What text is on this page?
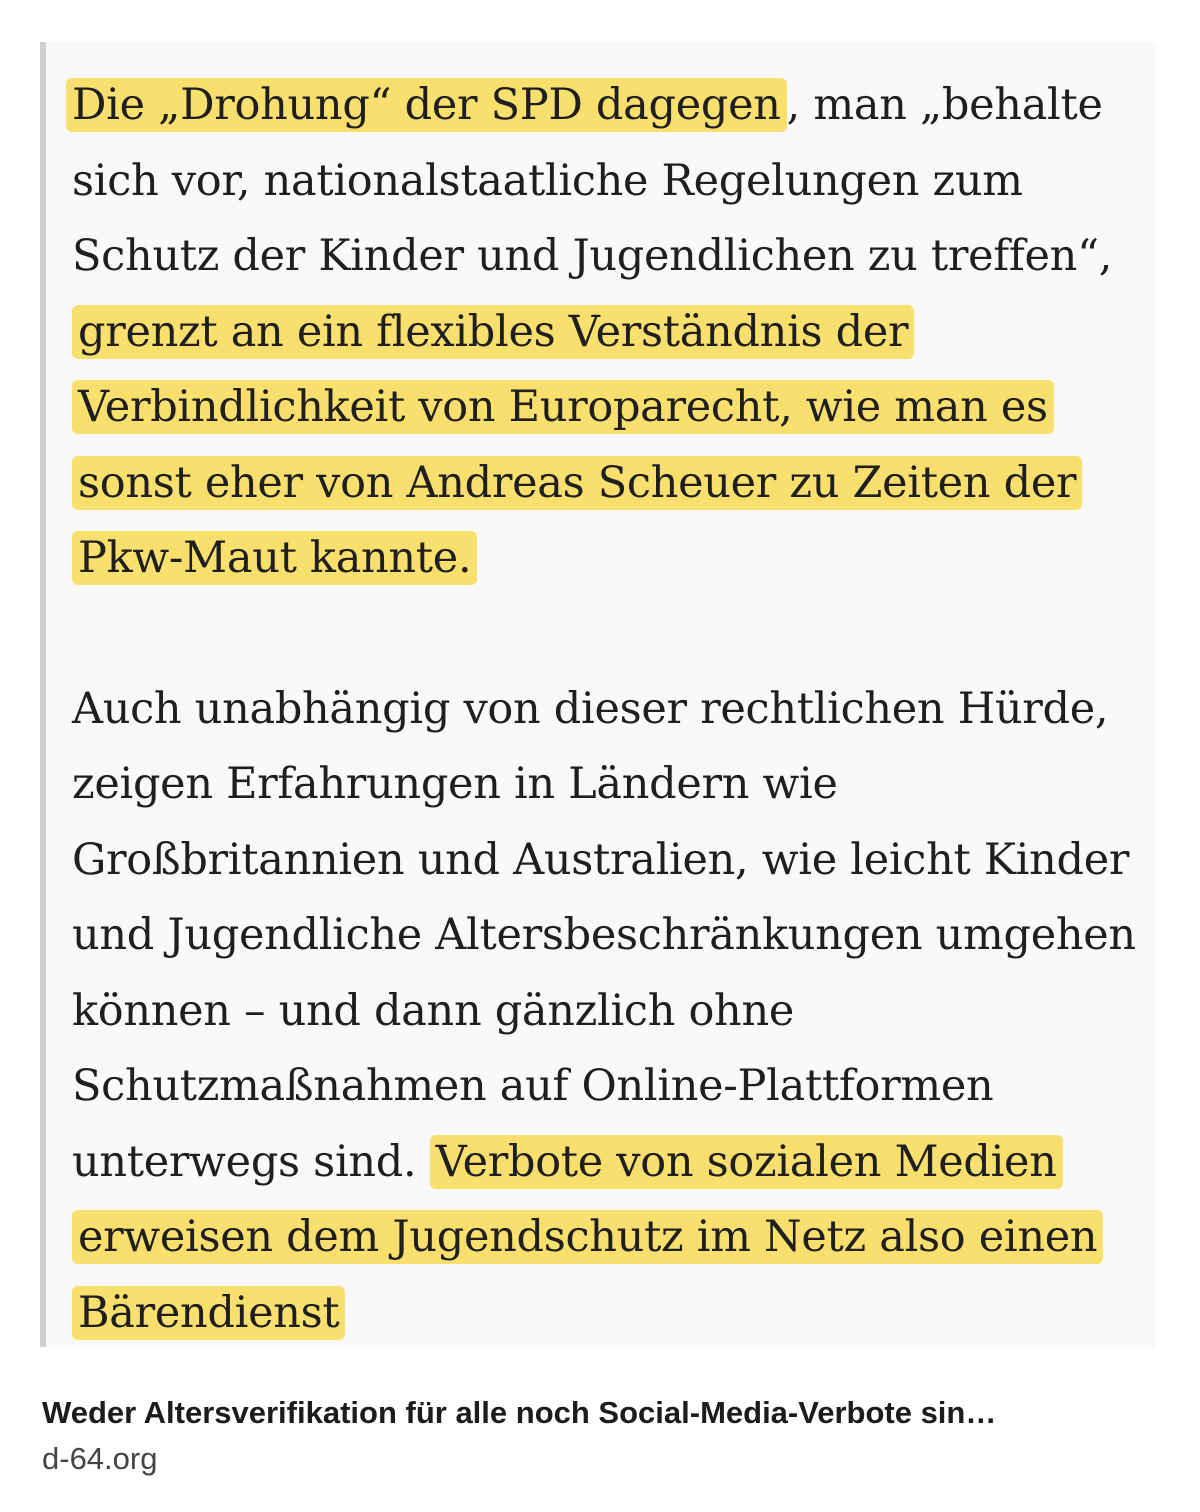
Die „Drohung“ der SPD dagegen , man „behalte sich vor, nationalstaatliche Regelungen zum Schutz der Kinder und Jugendlichen zu treffen“, grenzt an ein flexibles Verständnis der Verbindlichkeit von Europarecht, wie man es sonst eher von Andreas Scheuer zu Zeiten der Pkw-Maut kannte.

Auch unabhängig von dieser rechtlichen Hürde, zeigen Erfahrungen in Ländern wie Großbritannien und Australien, wie leicht Kinder und Jugendliche Altersbeschränkungen umgehen können – und dann gänzlich ohne Schutzmaßnahmen auf Online-Plattformen unterwegs sind. Verbote von sozialen Medien erweisen dem Jugendschutz im Netz also einen Bärendienst

Weder Altersverifikation für alle noch Social-Media-Verbote sin…
d-64.org
